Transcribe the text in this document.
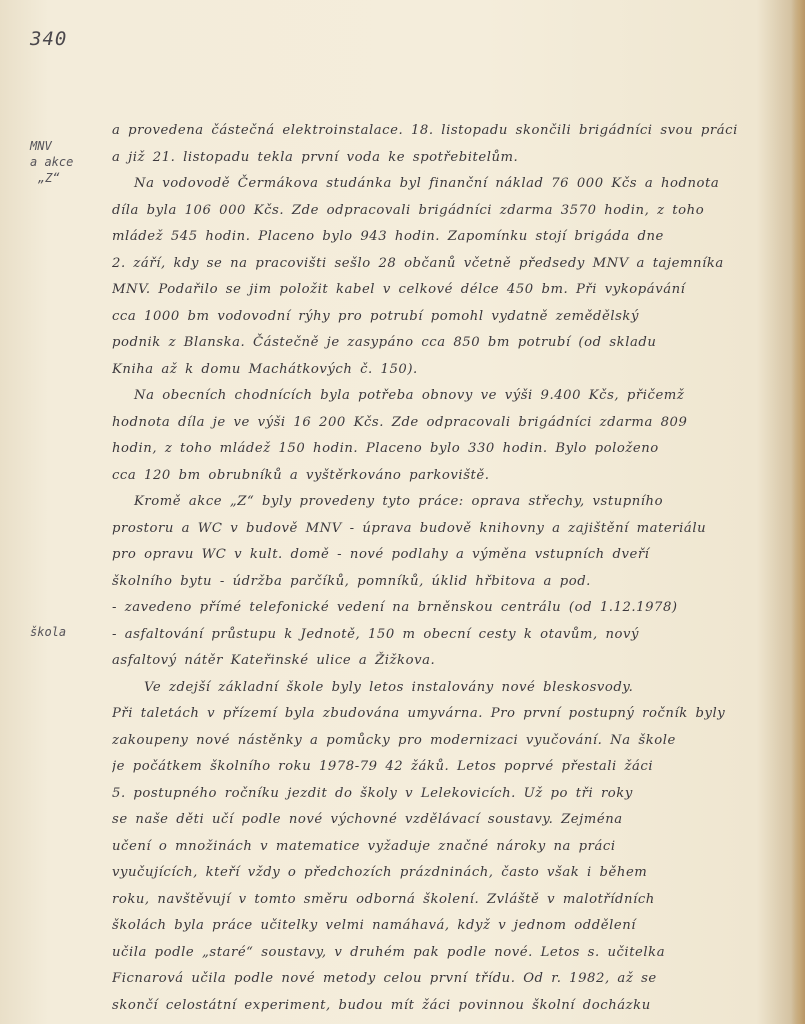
340
MNV
a akce
„Z“
škola
a provedena částečná elektroinstalace. 18. listopadu skončili brigádníci svou práci
a již 21. listopadu tekla první voda ke spotřebitelům.
Na vodovodě Čermákova studánka byl finanční náklad 76 000 Kčs a hodnota
díla byla 106 000 Kčs. Zde odpracovali brigádníci zdarma 3570 hodin, z toho
mládež 545 hodin. Placeno bylo 943 hodin. Zapomínku stojí brigáda dne
2. září, kdy se na pracovišti sešlo 28 občanů včetně předsedy MNV a tajemníka
MNV. Podařilo se jim položit kabel v celkové délce 450 bm. Při vykopávání
cca 1000 bm vodovodní rýhy pro potrubí pomohl vydatně zemědělský
podnik z Blanska. Částečně je zasypáno cca 850 bm potrubí (od skladu
Kniha až k domu Machátkových č. 150).
Na obecních chodnících byla potřeba obnovy ve výši 9.400 Kčs, přičemž
hodnota díla je ve výši 16 200 Kčs. Zde odpracovali brigádníci zdarma 809
hodin, z toho mládež 150 hodin. Placeno bylo 330 hodin. Bylo položeno
cca 120 bm obrubníků a vyštěrkováno parkoviště.
Kromě akce „Z“ byly provedeny tyto práce: oprava střechy, vstupního
prostoru a WC v budově MNV - úprava budově knihovny a zajištění materiálu
pro opravu WC v kult. domě - nové podlahy a výměna vstupních dveří
školního bytu - údržba parčíků, pomníků, úklid hřbitova a pod.
- zavedeno přímé telefonické vedení na brněnskou centrálu (od 1.12.1978)
- asfaltování průstupu k Jednotě, 150 m obecní cesty k otavům, nový
asfaltový nátěr Kateřinské ulice a Žižkova.
Ve zdejší základní škole byly letos instalovány nové bleskosvody.
Při taletách v přízemí byla zbudována umyvárna. Pro první postupný ročník byly
zakoupeny nové nástěnky a pomůcky pro modernizaci vyučování. Na škole
je počátkem školního roku 1978-79 42 žáků. Letos poprvé přestali žáci
5. postupného ročníku jezdit do školy v Lelekovicích. Už po tři roky
se naše děti učí podle nové výchovné vzdělávací soustavy. Zejména
učení o množinách v matematice vyžaduje značné nároky na práci
vyučujících, kteří vždy o předchozích prázdninách, často však i během
roku, navštěvují v tomto směru odborná školení. Zvláště v malotřídních
školách byla práce učitelky velmi namáhavá, když v jednom oddělení
učila podle „staré“ soustavy, v druhém pak podle nové. Letos s. učitelka
Ficnarová učila podle nové metody celou první třídu. Od r. 1982, až se
skončí celostátní experiment, budou mít žáci povinnou školní docházku
